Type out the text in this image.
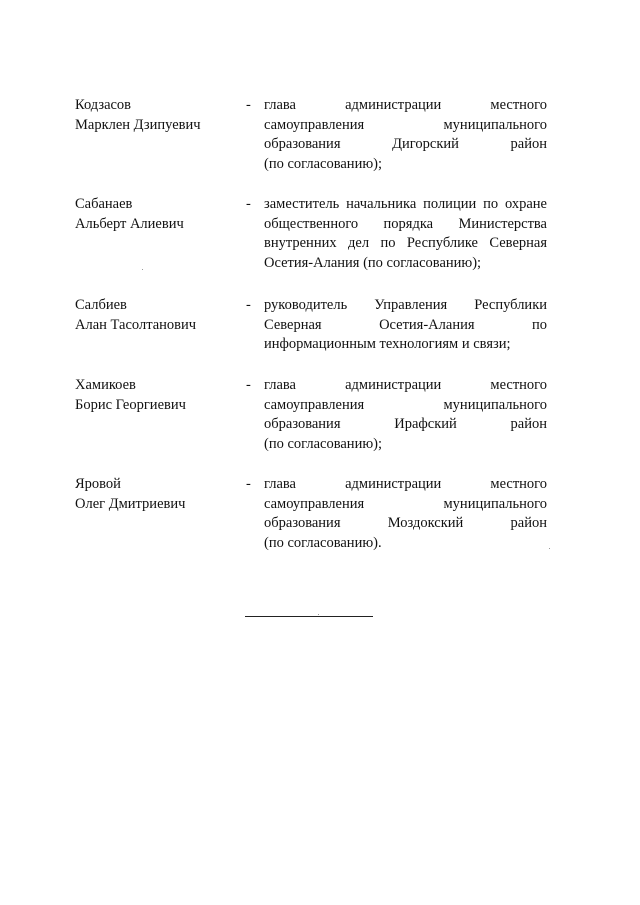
Кодзасов
Марклен Дзипуевич
- глава администрации местного
самоуправления муниципального
образования Дигорский район
(по согласованию);
Сабанаев
Альберт Алиевич
- заместитель начальника полиции по охране
общественного порядка Министерства
внутренних дел по Республике Северная
Осетия-Алания (по согласованию);
Салбиев
Алан Тасолтанович
- руководитель Управления Республики
Северная Осетия-Алания по
информационным технологиям и связи;
Хамикоев
Борис Георгиевич
- глава администрации местного
самоуправления муниципального
образования Ирафский район
(по согласованию);
Яровой
Олег Дмитриевич
- глава администрации местного
самоуправления муниципального
образования Моздокский район
(по согласованию).
